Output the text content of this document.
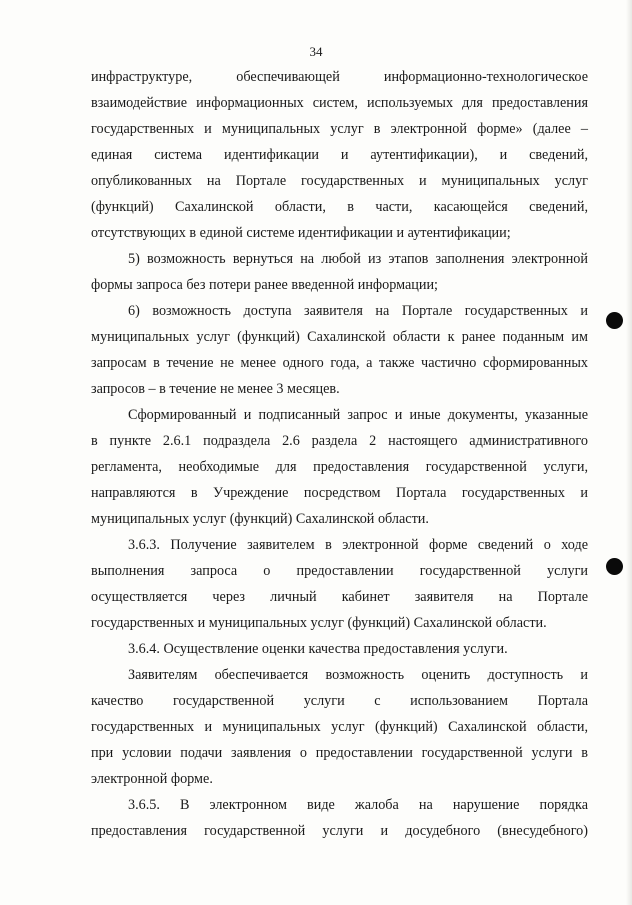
34
инфраструктуре, обеспечивающей информационно-технологическое
взаимодействие информационных систем, используемых для предоставления
государственных и муниципальных услуг в электронной форме» (далее –
единая система идентификации и аутентификации), и сведений,
опубликованных на Портале государственных и муниципальных услуг
(функций) Сахалинской области, в части, касающейся сведений,
отсутствующих в единой системе идентификации и аутентификации;
5) возможность вернуться на любой из этапов заполнения электронной
формы запроса без потери ранее введенной информации;
6) возможность доступа заявителя на Портале государственных и
муниципальных услуг (функций) Сахалинской области к ранее поданным им
запросам в течение не менее одного года, а также частично сформированных
запросов – в течение не менее 3 месяцев.
Сформированный и подписанный запрос и иные документы, указанные
в пункте 2.6.1 подраздела 2.6 раздела 2 настоящего административного
регламента, необходимые для предоставления государственной услуги,
направляются в Учреждение посредством Портала государственных и
муниципальных услуг (функций) Сахалинской области.
3.6.3. Получение заявителем в электронной форме сведений о ходе
выполнения запроса о предоставлении государственной услуги
осуществляется через личный кабинет заявителя на Портале
государственных и муниципальных услуг (функций) Сахалинской области.
3.6.4. Осуществление оценки качества предоставления услуги.
Заявителям обеспечивается возможность оценить доступность и
качество государственной услуги с использованием Портала
государственных и муниципальных услуг (функций) Сахалинской области,
при условии подачи заявления о предоставлении государственной услуги в
электронной форме.
3.6.5. В электронном виде жалоба на нарушение порядка
предоставления государственной услуги и досудебного (внесудебного)
